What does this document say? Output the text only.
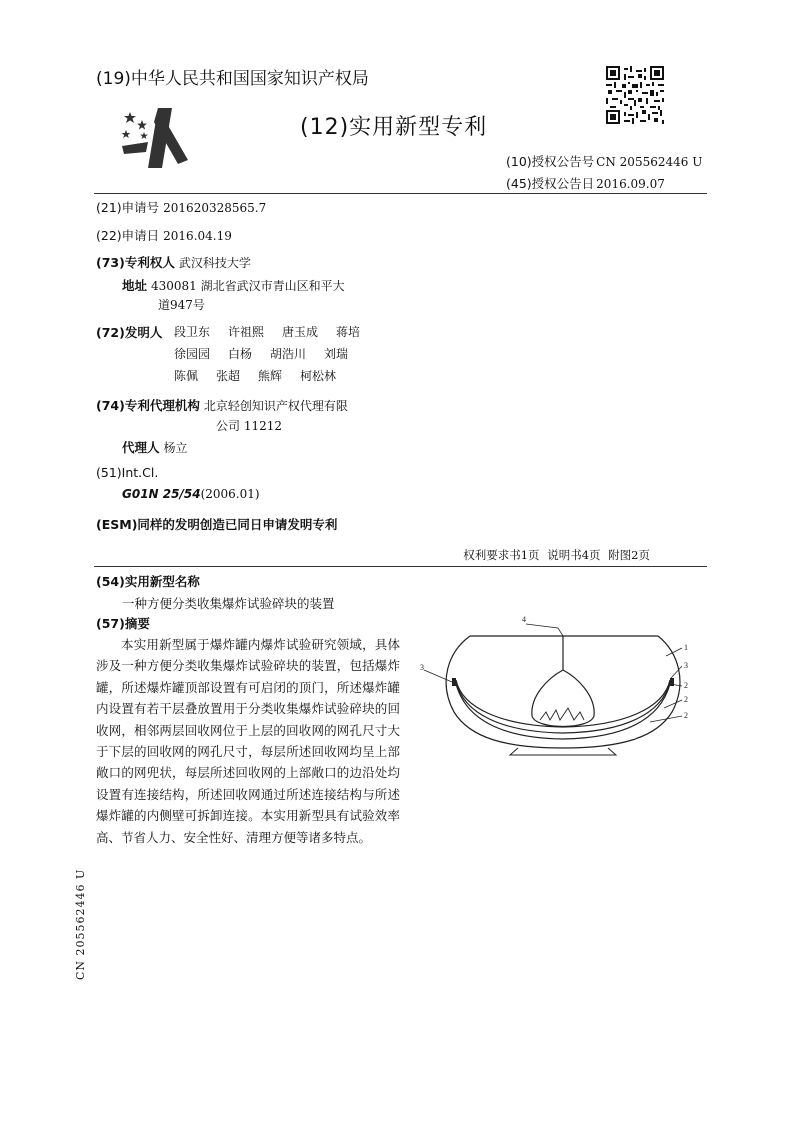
(19)中华人民共和国国家知识产权局
(12)实用新型专利
(10)授权公告号 CN 205562446 U
(45)授权公告日 2016.09.07
(21)申请号 201620328565.7
(22)申请日 2016.04.19
(73)专利权人 武汉科技大学
地址 430081 湖北省武汉市青山区和平大
道947号
(72)发明人 段卫东 许祖熙 唐玉成 蒋培
徐园园 白杨 胡浩川 刘瑞
陈佩 张超 熊辉 柯松林
(74)专利代理机构 北京轻创知识产权代理有限
公司 11212
代理人 杨立
(51)Int.Cl.
G01N 25/54(2006.01)
(ESM)同样的发明创造已同日申请发明专利
权利要求书1页 说明书4页 附图2页
(54)实用新型名称
一种方便分类收集爆炸试验碎块的装置
(57)摘要
本实用新型属于爆炸罐内爆炸试验研究领域，具体涉及一种方便分类收集爆炸试验碎块的装置，包括爆炸罐，所述爆炸罐顶部设置有可启闭的顶门，所述爆炸罐内设置有若干层叠放置用于分类收集爆炸试验碎块的回收网，相邻两层回收网位于上层的回收网的网孔尺寸大于下层的回收网的网孔尺寸，每层所述回收网均呈上部敞口的网兜状，每层所述回收网的上部敞口的边沿处均设置有连接结构，所述回收网通过所述连接结构与所述爆炸罐的内侧壁可拆卸连接。本实用新型具有试验效率高、节省人力、安全性好、清理方便等诸多特点。
4
3
1
3
2
2
2
CN 205562446 U
